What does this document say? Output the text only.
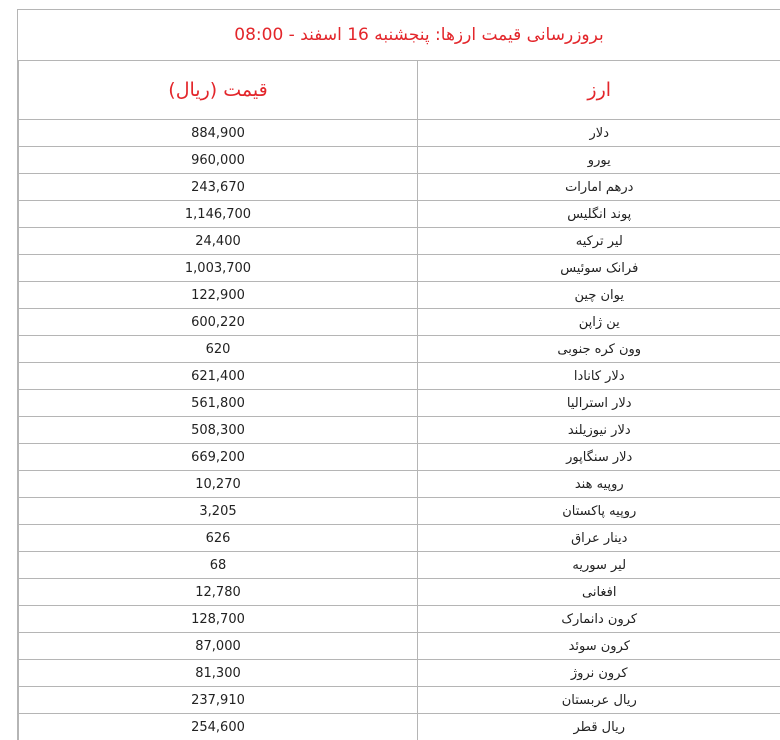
بروزرسانی قیمت ارزها: پنجشنبه 16 اسفند - 08:00
ارز	قیمت (ریال)
دلار	884,900
یورو	960,000
درهم امارات	243,670
پوند انگلیس	1,146,700
لیر ترکیه	24,400
فرانک سوئیس	1,003,700
یوان چین	122,900
ین ژاپن	600,220
وون کره جنوبی	620
دلار کانادا	621,400
دلار استرالیا	561,800
دلار نیوزیلند	508,300
دلار سنگاپور	669,200
روپیه هند	10,270
روپیه پاکستان	3,205
دینار عراق	626
لیر سوریه	68
افغانی	12,780
کرون دانمارک	128,700
کرون سوئد	87,000
کرون نروژ	81,300
ریال عربستان	237,910
ریال قطر	254,600
